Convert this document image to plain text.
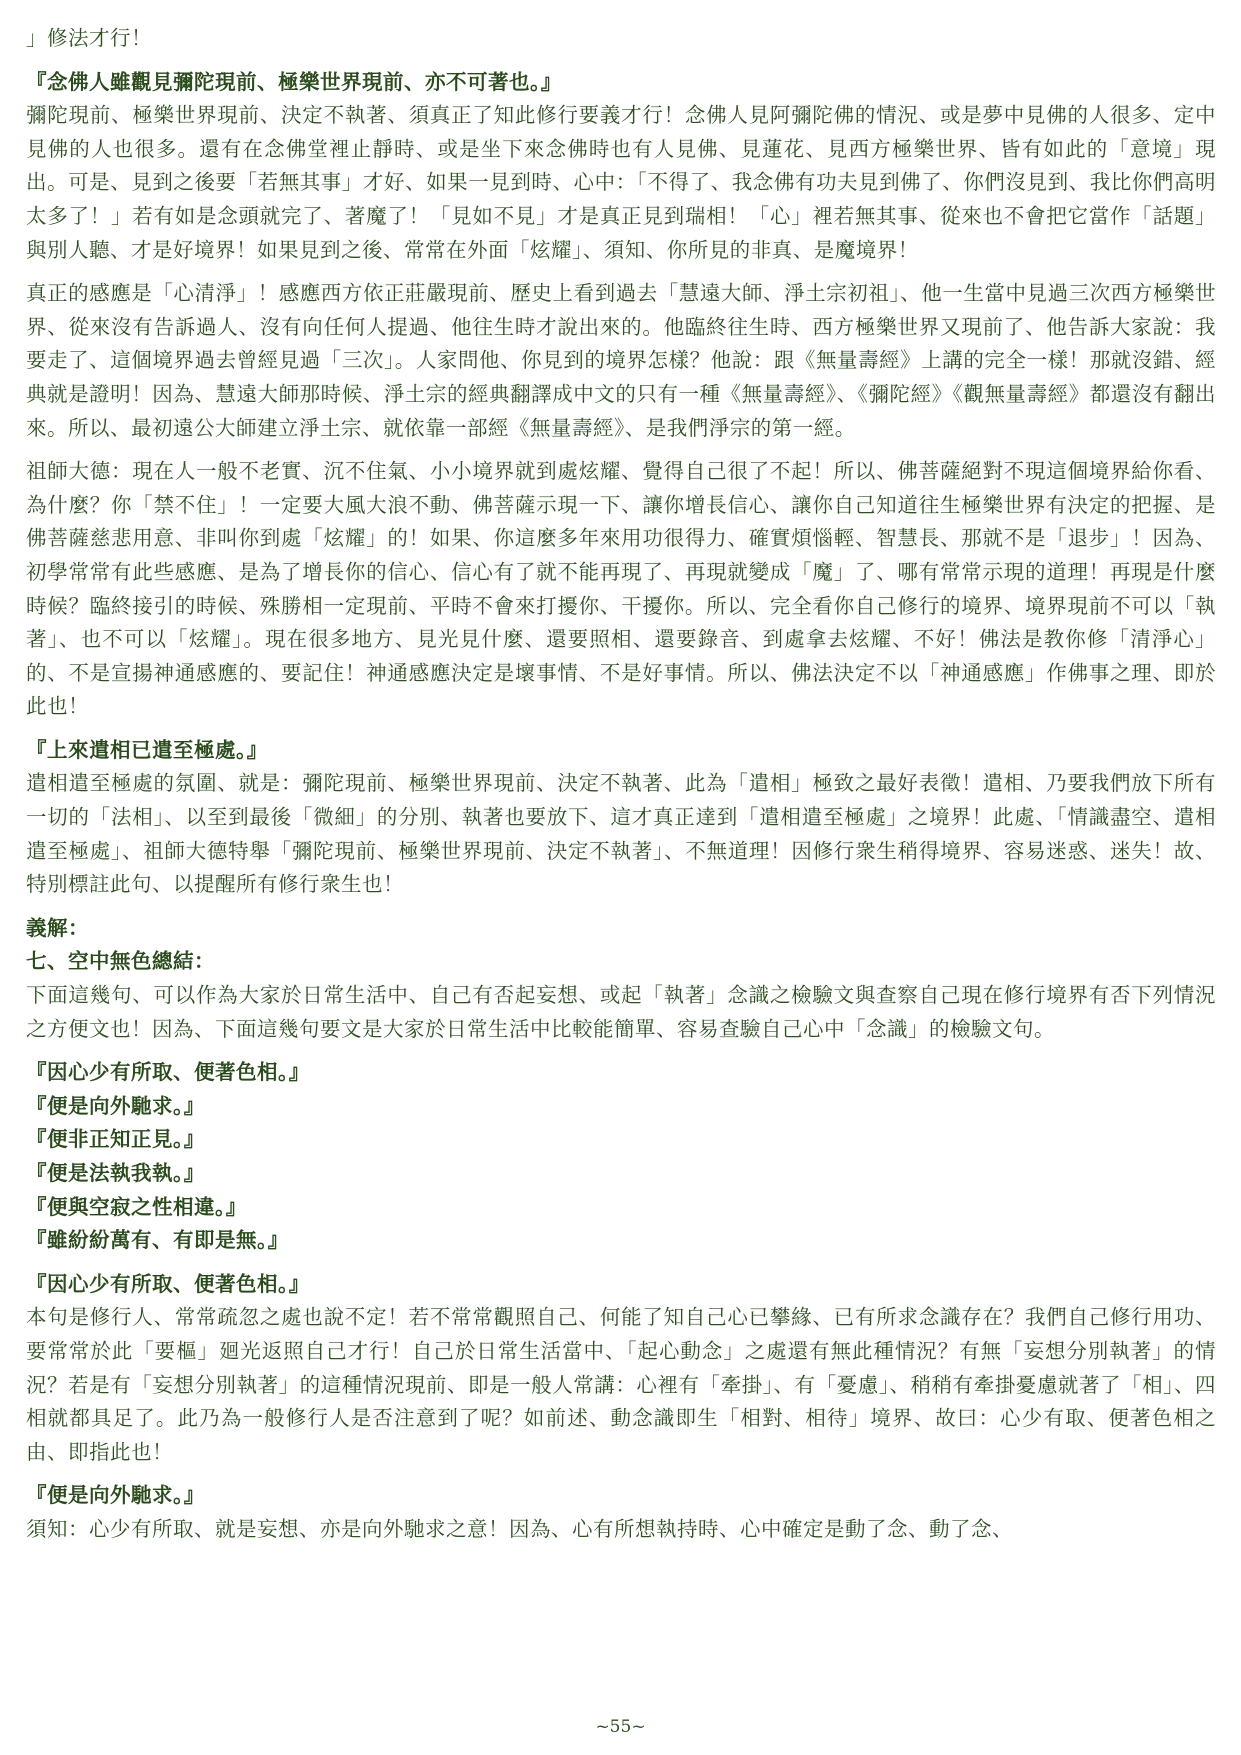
」修法才行！

『念佛人雖觀見彌陀現前、極樂世界現前、亦不可著也。』

彌陀現前、極樂世界現前、決定不執著、須真正了知此修行要義才行！念佛人見阿彌陀佛的情況、或是夢中見佛的人很多、定中見佛的人也很多。還有在念佛堂裡止靜時、或是坐下來念佛時也有人見佛、見蓮花、見西方極樂世界、皆有如此的「意境」現出。可是、見到之後要「若無其事」才好、如果一見到時、心中：「不得了、我念佛有功夫見到佛了、你們沒見到、我比你們高明太多了！」若有如是念頭就完了、著魔了！「見如不見」才是真正見到瑞相！「心」裡若無其事、從來也不會把它當作「話題」與別人聽、才是好境界！如果見到之後、常常在外面「炫耀」、須知、你所見的非真、是魔境界！

真正的感應是「心清淨」！感應西方依正莊嚴現前、歷史上看到過去「慧遠大師、淨土宗初祖」、他一生當中見過三次西方極樂世界、從來沒有告訴過人、沒有向任何人提過、他往生時才說出來的。他臨終往生時、西方極樂世界又現前了、他告訴大家說：我要走了、這個境界過去曾經見過「三次」。人家問他、你見到的境界怎樣？他說：跟《無量壽經》上講的完全一樣！那就沒錯、經典就是證明！因為、慧遠大師那時候、淨土宗的經典翻譯成中文的只有一種《無量壽經》、《彌陀經》《觀無量壽經》都還沒有翻出來。所以、最初遠公大師建立淨土宗、就依靠一部經《無量壽經》、是我們淨宗的第一經。

祖師大德：現在人一般不老實、沉不住氣、小小境界就到處炫耀、覺得自己很了不起！所以、佛菩薩絕對不現這個境界給你看、為什麼？你「禁不住」！一定要大風大浪不動、佛菩薩示現一下、讓你增長信心、讓你自己知道往生極樂世界有決定的把握、是佛菩薩慈悲用意、非叫你到處「炫耀」的！如果、你這麼多年來用功很得力、確實煩惱輕、智慧長、那就不是「退步」！因為、初學常常有此些感應、是為了增長你的信心、信心有了就不能再現了、再現就變成「魔」了、哪有常常示現的道理！再現是什麼時候？臨終接引的時候、殊勝相一定現前、平時不會來打擾你、干擾你。所以、完全看你自己修行的境界、境界現前不可以「執著」、也不可以「炫耀」。現在很多地方、見光見什麼、還要照相、還要錄音、到處拿去炫耀、不好！佛法是教你修「清淨心」的、不是宣揚神通感應的、要記住！神通感應決定是壞事情、不是好事情。所以、佛法決定不以「神通感應」作佛事之理、即於此也！

『上來遣相已遣至極處。』

遣相遣至極處的氛圍、就是：彌陀現前、極樂世界現前、決定不執著、此為「遣相」極致之最好表徵！遣相、乃要我們放下所有一切的「法相」、以至到最後「微細」的分別、執著也要放下、這才真正達到「遣相遣至極處」之境界！此處、「情識盡空、遣相遣至極處」、祖師大德特舉「彌陀現前、極樂世界現前、決定不執著」、不無道理！因修行衆生稍得境界、容易迷惑、迷失！故、特別標註此句、以提醒所有修行衆生也！

義解：

七、空中無色總結：

下面這幾句、可以作為大家於日常生活中、自己有否起妄想、或起「執著」念識之檢驗文與查察自己現在修行境界有否下列情況之方便文也！因為、下面這幾句要文是大家於日常生活中比較能簡單、容易查驗自己心中「念識」的檢驗文句。

『因心少有所取、便著色相。』

『便是向外馳求。』

『便非正知正見。』

『便是法執我執。』

『便與空寂之性相違。』

『雖紛紛萬有、有即是無。』

『因心少有所取、便著色相。』

本句是修行人、常常疏忽之處也說不定！若不常常觀照自己、何能了知自己心已攀緣、已有所求念識存在？我們自己修行用功、要常常於此「要樞」廻光返照自己才行！自己於日常生活當中、「起心動念」之處還有無此種情況？有無「妄想分別執著」的情況？若是有「妄想分別執著」的這種情況現前、即是一般人常講：心裡有「牽掛」、有「憂慮」、稍稍有牽掛憂慮就著了「相」、四相就都具足了。此乃為一般修行人是否注意到了呢？如前述、動念識即生「相對、相待」境界、故曰：心少有取、便著色相之由、即指此也！

『便是向外馳求。』

須知：心少有所取、就是妄想、亦是向外馳求之意！因為、心有所想執持時、心中確定是動了念、動了念、

~55~
